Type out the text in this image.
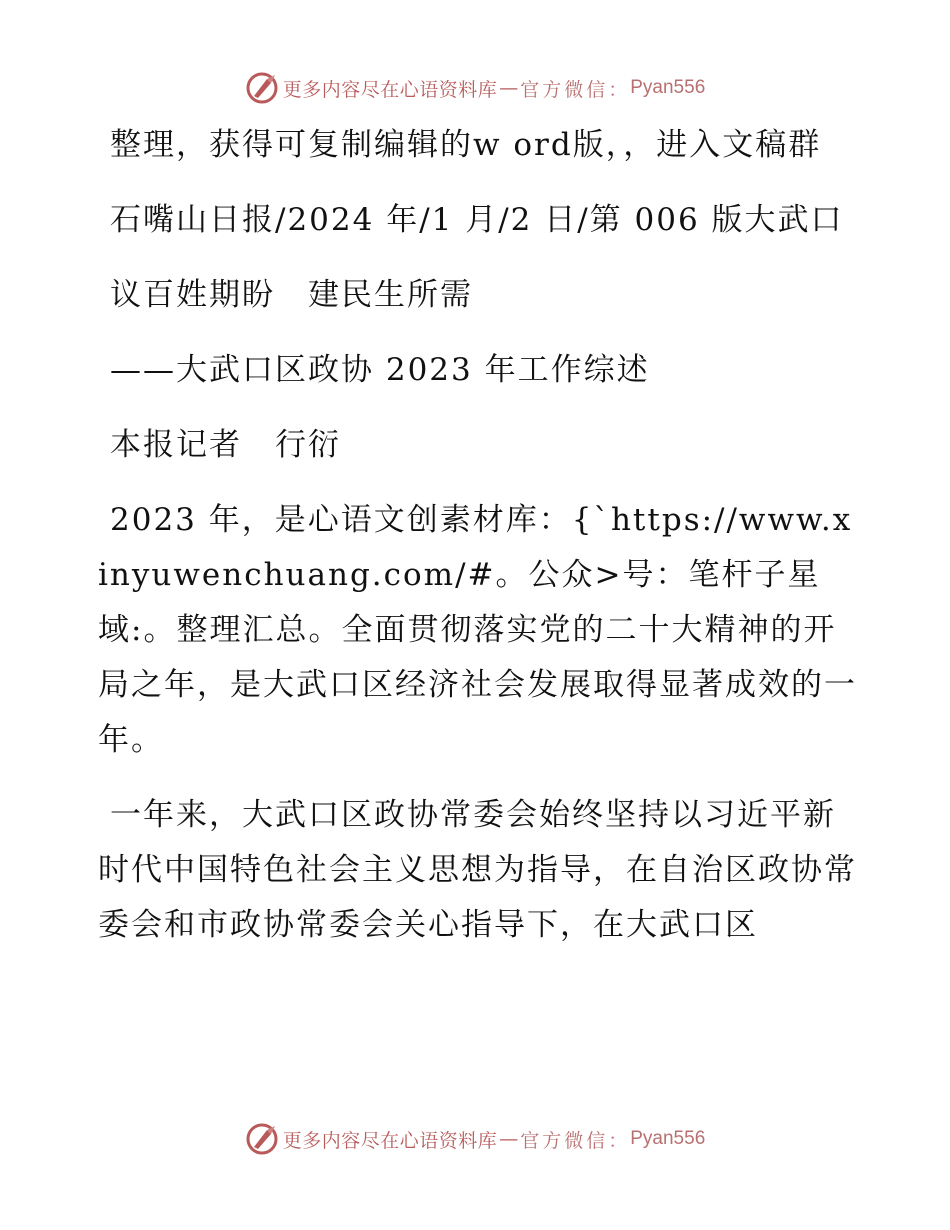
更多内容尽在心语资料库 — 官方微信： Pyan556

整理，获得可复制编辑的w ord版，，进入文稿群

石嘴山日报/2024 年/1 月/2 日/第 006 版大武口

议百姓期盼　建民生所需

——大武口区政协 2023 年工作综述

本报记者　行衍

2023 年，是心语文创素材库：{`https://www.xinyuwenchuang.com/#。公众>号：笔杆子星域:。整理汇总。全面贯彻落实党的二十大精神的开局之年，是大武口区经济社会发展取得显著成效的一年。

一年来，大武口区政协常委会始终坚持以习近平新时代中国特色社会主义思想为指导，在自治区政协常委会和市政协常委会关心指导下，在大武口区

更多内容尽在心语资料库 — 官方微信： Pyan556
